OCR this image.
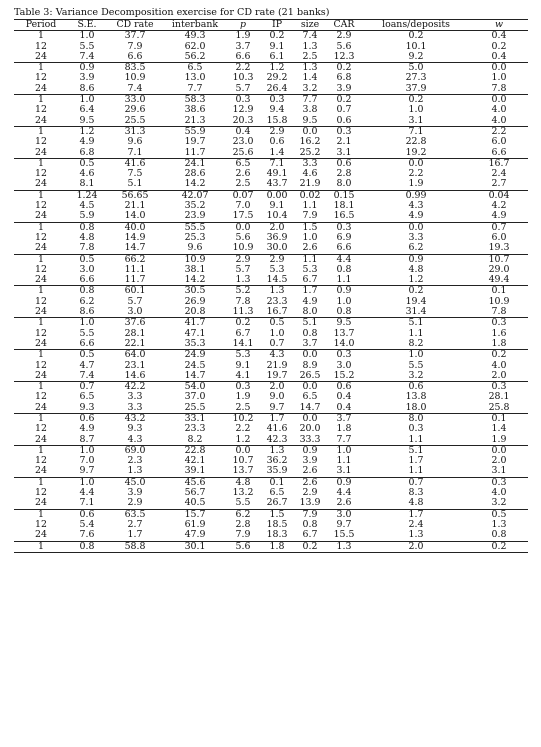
Table 3: Variance Decomposition exercise for CD rate (21 banks)
Period	S.E.	CD rate	interbank	p	IP	size	CAR	loans/deposits	w
1	1.0	37.7	49.3	1.9	0.2	7.4	2.9	0.2	0.4
12	5.5	7.9	62.0	3.7	9.1	1.3	5.6	10.1	0.2
24	7.4	6.6	56.2	6.6	6.1	2.5	12.3	9.2	0.4
1	0.9	83.5	6.5	2.2	1.2	1.3	0.2	5.0	0.0
12	3.9	10.9	13.0	10.3	29.2	1.4	6.8	27.3	1.0
24	8.6	7.4	7.7	5.7	26.4	3.2	3.9	37.9	7.8
1	1.0	33.0	58.3	0.3	0.3	7.7	0.2	0.2	0.0
12	6.4	29.6	38.6	12.9	9.4	3.8	0.7	1.0	4.0
24	9.5	25.5	21.3	20.3	15.8	9.5	0.6	3.1	4.0
1	1.2	31.3	55.9	0.4	2.9	0.0	0.3	7.1	2.2
12	4.9	9.6	19.7	23.0	0.6	16.2	2.1	22.8	6.0
24	6.8	7.1	11.7	25.6	1.4	25.2	3.1	19.2	6.6
1	0.5	41.6	24.1	6.5	7.1	3.3	0.6	0.0	16.7
12	4.6	7.5	28.6	2.6	49.1	4.6	2.8	2.2	2.4
24	8.1	5.1	14.2	2.5	43.7	21.9	8.0	1.9	2.7
1	1.24	56.65	42.07	0.07	0.00	0.02	0.15	0.99	0.04
12	4.5	21.1	35.2	7.0	9.1	1.1	18.1	4.3	4.2
24	5.9	14.0	23.9	17.5	10.4	7.9	16.5	4.9	4.9
1	0.8	40.0	55.5	0.0	2.0	1.5	0.3	0.0	0.7
12	4.8	14.9	25.3	5.6	36.9	1.0	6.9	3.3	6.0
24	7.8	14.7	9.6	10.9	30.0	2.6	6.6	6.2	19.3
1	0.5	66.2	10.9	2.9	2.9	1.1	4.4	0.9	10.7
12	3.0	11.1	38.1	5.7	5.3	5.3	0.8	4.8	29.0
24	6.6	11.7	14.2	1.3	14.5	6.7	1.1	1.2	49.4
1	0.8	60.1	30.5	5.2	1.3	1.7	0.9	0.2	0.1
12	6.2	5.7	26.9	7.8	23.3	4.9	1.0	19.4	10.9
24	8.6	3.0	20.8	11.3	16.7	8.0	0.8	31.4	7.8
1	1.0	37.6	41.7	0.2	0.5	5.1	9.5	5.1	0.3
12	5.5	28.1	47.1	6.7	1.0	0.8	13.7	1.1	1.6
24	6.6	22.1	35.3	14.1	0.7	3.7	14.0	8.2	1.8
1	0.5	64.0	24.9	5.3	4.3	0.0	0.3	1.0	0.2
12	4.7	23.1	24.5	9.1	21.9	8.9	3.0	5.5	4.0
24	7.4	14.6	14.7	4.1	19.7	26.5	15.2	3.2	2.0
1	0.7	42.2	54.0	0.3	2.0	0.0	0.6	0.6	0.3
12	6.5	3.3	37.0	1.9	9.0	6.5	0.4	13.8	28.1
24	9.3	3.3	25.5	2.5	9.7	14.7	0.4	18.0	25.8
1	0.6	43.2	33.1	10.2	1.7	0.0	3.7	8.0	0.1
12	4.9	9.3	23.3	2.2	41.6	20.0	1.8	0.3	1.4
24	8.7	4.3	8.2	1.2	42.3	33.3	7.7	1.1	1.9
1	1.0	69.0	22.8	0.0	1.3	0.9	1.0	5.1	0.0
12	7.0	2.3	42.1	10.7	36.2	3.9	1.1	1.7	2.0
24	9.7	1.3	39.1	13.7	35.9	2.6	3.1	1.1	3.1
1	1.0	45.0	45.6	4.8	0.1	2.6	0.9	0.7	0.3
12	4.4	3.9	56.7	13.2	6.5	2.9	4.4	8.3	4.0
24	7.1	2.9	40.5	5.5	26.7	13.9	2.6	4.8	3.2
1	0.6	63.5	15.7	6.2	1.5	7.9	3.0	1.7	0.5
12	5.4	2.7	61.9	2.8	18.5	0.8	9.7	2.4	1.3
24	7.6	1.7	47.9	7.9	18.3	6.7	15.5	1.3	0.8
1	0.8	58.8	30.1	5.6	1.8	0.2	1.3	2.0	0.2
